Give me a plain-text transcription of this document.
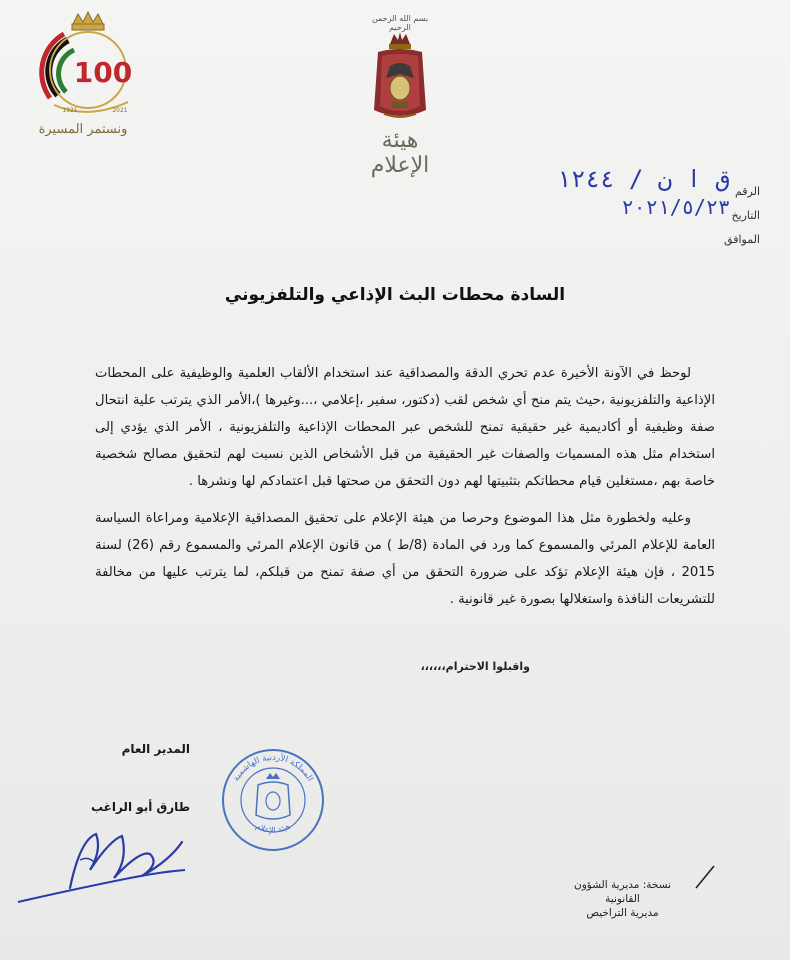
100
1921	2021
ونستمر المسيرة
بسم الله الرحمن الرحيم
هيئة الإعلام
الرقم
التاريخ
الموافق
ق ا ن / ١٢٤٤
٢٠٢١/٥/٢٣
السادة محطات البث الإذاعي والتلفزيوني

لوحظ في الآونة الأخيرة عدم تحري الدقة والمصداقية عند استخدام الألقاب العلمية والوظيفية على المحطات الإذاعية والتلفزيونية ،حيث يتم منح أي شخص لقب (دكتور، سفير ،إعلامي ،...وغيرها )،الأمر الذي يترتب علية انتحال صفة وظيفية أو أكاديمية غير حقيقية تمنح للشخص عبر المحطات الإذاعية والتلفزيونية ، الأمر الذي يؤدي إلى استخدام مثل هذه المسميات والصفات غير الحقيقية من قبل الأشخاص الذين نسبت لهم لتحقيق مصالح شخصية خاصة بهم ،مستغلين قيام محطاتكم بتثبيتها لهم دون التحقق من صحتها قبل اعتمادكم لها ونشرها .

وعليه ولخطورة مثل هذا الموضوع وحرصا من هيئة الإعلام على تحقيق المصداقية الإعلامية ومراعاة السياسة العامة للإعلام المرئي والمسموع كما ورد في المادة (8/ط ) من قانون الإعلام المرئي والمسموع رقم (26) لسنة 2015 ، فإن هيئة الإعلام تؤكد على ضرورة التحقق من أي صفة تمنح من قبلكم، لما يترتب عليها من مخالفة للتشريعات النافذة واستغلالها بصورة غير قانونية .

واقبلوا الاحترام،،،،،،
المدير العام
طارق أبو الراغب
المملكة الأردنية الهاشمية
هيئة الإعلام
نسخة: مديرية الشؤون القانونية
مديرية التراخيص
